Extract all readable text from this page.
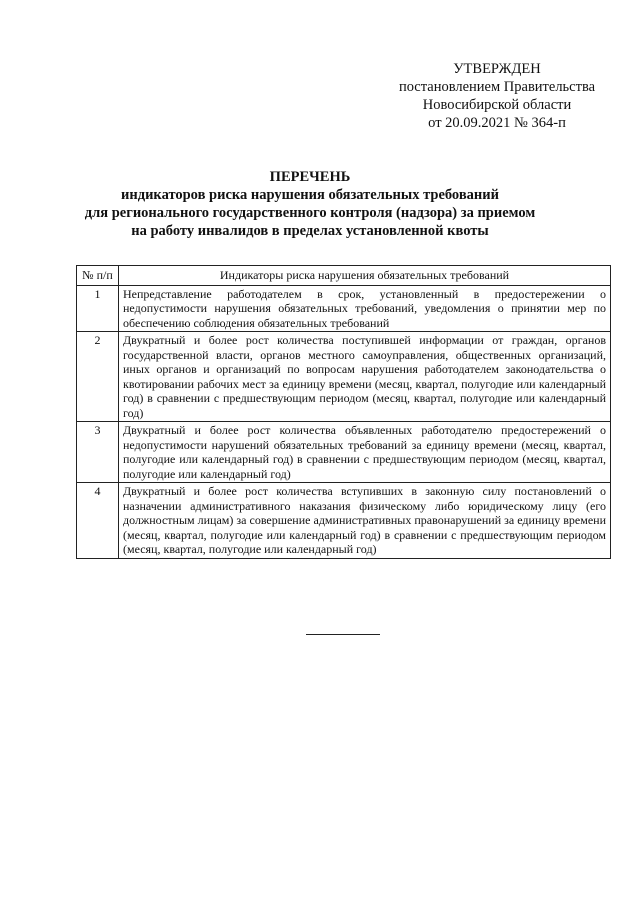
УТВЕРЖДЕН
постановлением Правительства
Новосибирской области
от 20.09.2021 № 364-п
ПЕРЕЧЕНЬ
индикаторов риска нарушения обязательных требований
для регионального государственного контроля (надзора) за приемом
на работу инвалидов в пределах установленной квоты
№ п/п	Индикаторы риска нарушения обязательных требований
1	Непредставление работодателем в срок, установленный в предостережении о недопустимости нарушения обязательных требований, уведомления о принятии мер по обеспечению соблюдения обязательных требований
2	Двукратный и более рост количества поступившей информации от граждан, органов государственной власти, органов местного самоуправления, общественных организаций, иных органов и организаций по вопросам нарушения работодателем законодательства о квотировании рабочих мест за единицу времени (месяц, квартал, полугодие или календарный год) в сравнении с предшествующим периодом (месяц, квартал, полугодие или календарный год)
3	Двукратный и более рост количества объявленных работодателю предостережений о недопустимости нарушений обязательных требований за единицу времени (месяц, квартал, полугодие или календарный год) в сравнении с предшествующим периодом (месяц, квартал, полугодие или календарный год)
4	Двукратный и более рост количества вступивших в законную силу постановлений о назначении административного наказания физическому либо юридическому лицу (его должностным лицам) за совершение административных правонарушений за единицу времени (месяц, квартал, полугодие или календарный год) в сравнении с предшествующим периодом (месяц, квартал, полугодие или календарный год)
